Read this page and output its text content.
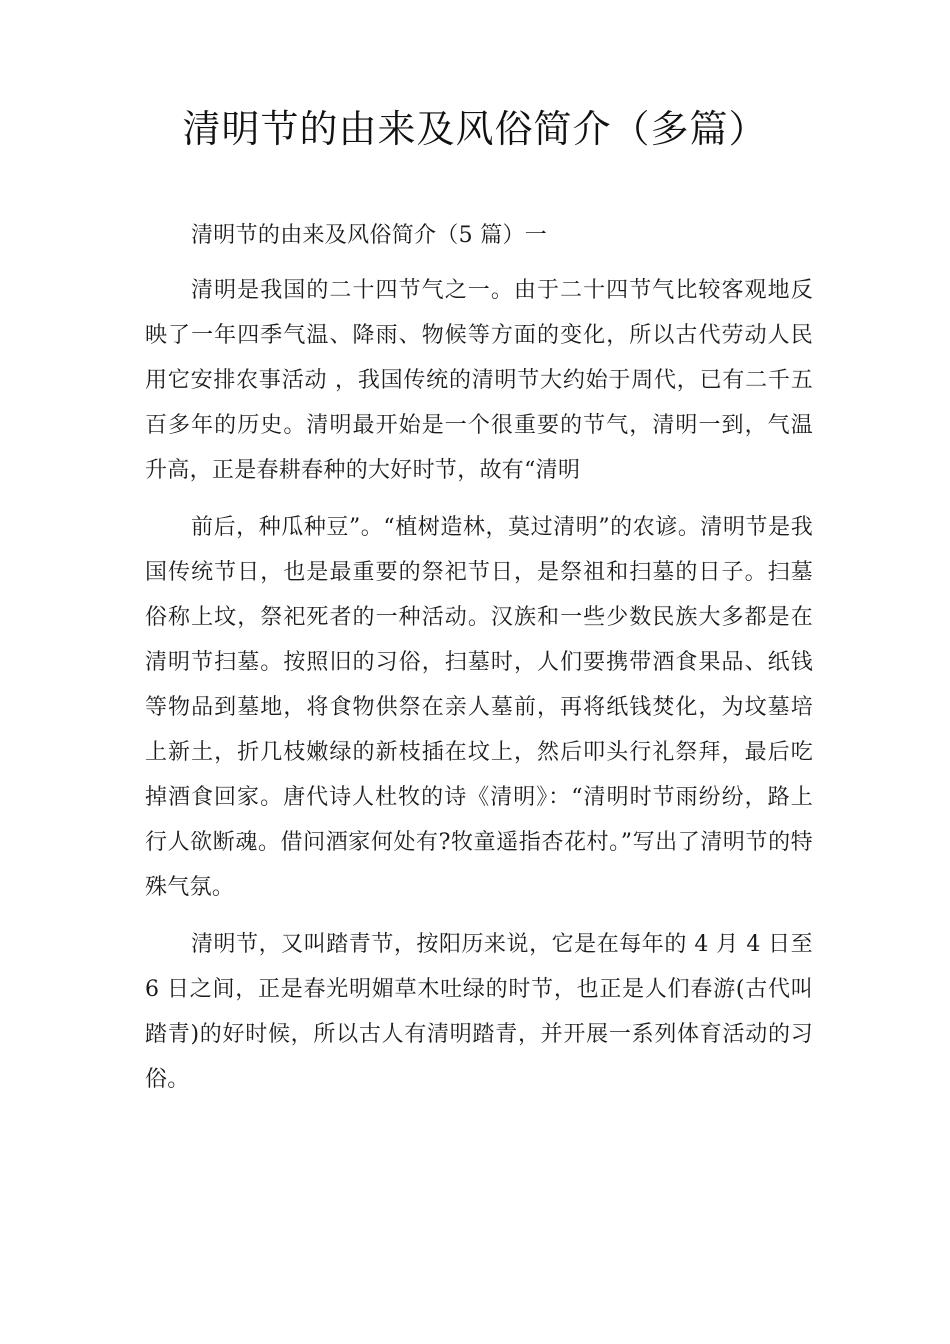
清明节的由来及风俗简介（多篇）

清明节的由来及风俗简介（5 篇）一

清明是我国的二十四节气之一。由于二十四节气比较客观地反映了一年四季气温、降雨、物候等方面的变化，所以古代劳动人民用它安排农事活动 ，我国传统的清明节大约始于周代，已有二千五百多年的历史。清明最开始是一个很重要的节气，清明一到，气温升高，正是春耕春种的大好时节，故有“清明

前后，种瓜种豆”。“植树造林，莫过清明”的农谚。清明节是我国传统节日，也是最重要的祭祀节日，是祭祖和扫墓的日子。扫墓俗称上坟，祭祀死者的一种活动。汉族和一些少数民族大多都是在清明节扫墓。按照旧的习俗，扫墓时，人们要携带酒食果品、纸钱等物品到墓地，将食物供祭在亲人墓前，再将纸钱焚化，为坟墓培上新土，折几枝嫩绿的新枝插在坟上，然后叩头行礼祭拜，最后吃掉酒食回家。唐代诗人杜牧的诗《清明》：“清明时节雨纷纷，路上行人欲断魂。借问酒家何处有?牧童遥指杏花村。”写出了清明节的特殊气氛。

清明节，又叫踏青节，按阳历来说，它是在每年的 4 月 4 日至 6 日之间，正是春光明媚草木吐绿的时节，也正是人们春游(古代叫踏青)的好时候，所以古人有清明踏青，并开展一系列体育活动的习俗。
